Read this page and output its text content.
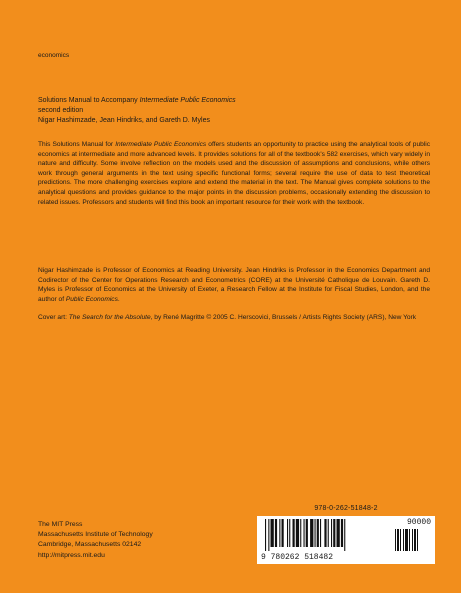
economics
Solutions Manual to Accompany Intermediate Public Economics
second edition
Nigar Hashimzade, Jean Hindriks, and Gareth D. Myles
This Solutions Manual for Intermediate Public Economics offers students an opportunity to practice using the analytical tools of public economics at intermediate and more advanced levels. It provides solutions for all of the textbook's 582 exercises, which vary widely in nature and difficulty. Some involve reflection on the models used and the discussion of assumptions and conclusions, while others work through general arguments in the text using specific functional forms; several require the use of data to test theoretical predictions. The more challenging exercises explore and extend the material in the text. The Manual gives complete solutions to the analytical questions and provides guidance to the major points in the discussion problems, occasionally extending the discussion to related issues. Professors and students will find this book an important resource for their work with the textbook.
Nigar Hashimzade is Professor of Economics at Reading University. Jean Hindriks is Professor in the Economics Department and Codirector of the Center for Operations Research and Econometrics (CORE) at the Université Catholique de Louvain. Gareth D. Myles is Professor of Economics at the University of Exeter, a Research Fellow at the Institute for Fiscal Studies, London, and the author of Public Economics.
Cover art: The Search for the Absolute, by René Magritte © 2005 C. Herscovici, Brussels / Artists Rights Society (ARS), New York
The MIT Press
Massachusetts Institute of Technology
Cambridge, Massachusetts 02142
http://mitpress.mit.edu
978-0-262-51848-2
9 780262 518482
90000
